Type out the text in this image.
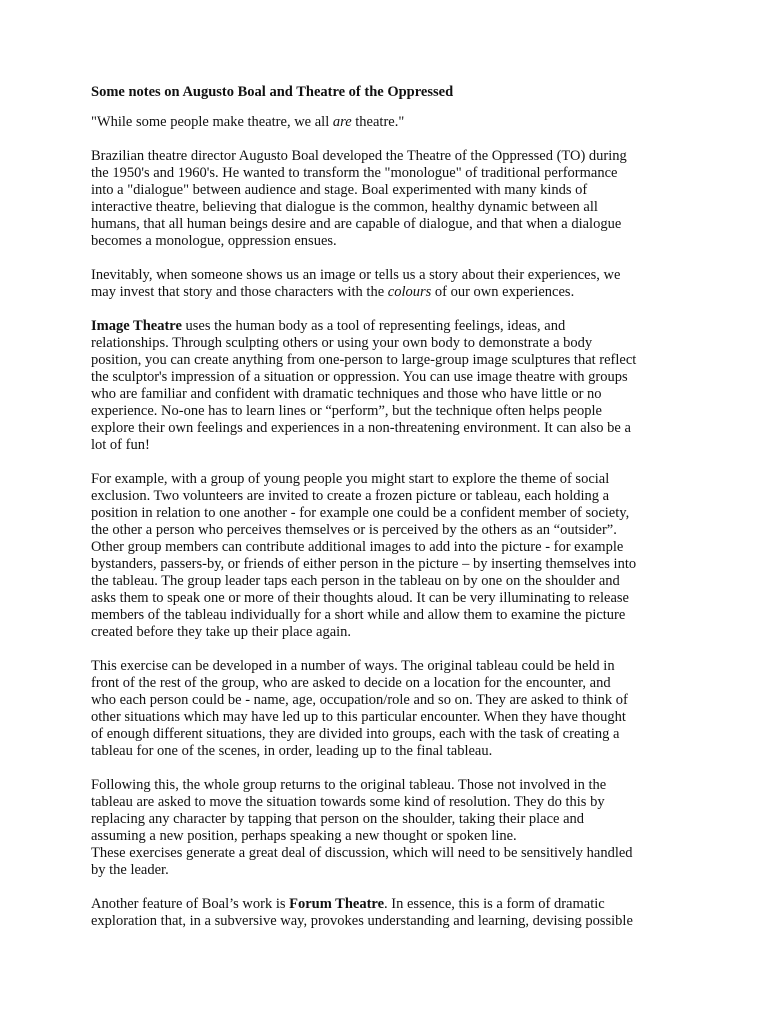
Some notes on Augusto Boal and Theatre of the Oppressed
"While some people make theatre, we all are theatre."
Brazilian theatre director Augusto Boal developed the Theatre of the Oppressed (TO) during
the 1950's and 1960's. He wanted to transform the "monologue" of traditional performance
into a "dialogue" between audience and stage. Boal experimented with many kinds of
interactive theatre, believing that dialogue is the common, healthy dynamic between all
humans, that all human beings desire and are capable of dialogue, and that when a dialogue
becomes a monologue, oppression ensues.
Inevitably, when someone shows us an image or tells us a story about their experiences, we
may invest that story and those characters with the colours of our own experiences.
Image Theatre uses the human body as a tool of representing feelings, ideas, and
relationships. Through sculpting others or using your own body to demonstrate a body
position, you can create anything from one-person to large-group image sculptures that reflect
the sculptor's impression of a situation or oppression. You can use image theatre with groups
who are familiar and confident with dramatic techniques and those who have little or no
experience. No-one has to learn lines or “perform”, but the technique often helps people
explore their own feelings and experiences in a non-threatening environment. It can also be a
lot of fun!
For example, with a group of young people you might start to explore the theme of social
exclusion. Two volunteers are invited to create a frozen picture or tableau, each holding a
position in relation to one another - for example one could be a confident member of society,
the other a person who perceives themselves or is perceived by the others as an “outsider”.
Other group members can contribute additional images to add into the picture - for example
bystanders, passers-by, or friends of either person in the picture – by inserting themselves into
the tableau. The group leader taps each person in the tableau on by one on the shoulder and
asks them to speak one or more of their thoughts aloud. It can be very illuminating to release
members of the tableau individually for a short while and allow them to examine the picture
created before they take up their place again.
This exercise can be developed in a number of ways. The original tableau could be held in
front of the rest of the group, who are asked to decide on a location for the encounter, and
who each person could be - name, age, occupation/role and so on. They are asked to think of
other situations which may have led up to this particular encounter. When they have thought
of enough different situations, they are divided into groups, each with the task of creating a
tableau for one of the scenes, in order, leading up to the final tableau.
Following this, the whole group returns to the original tableau. Those not involved in the
tableau are asked to move the situation towards some kind of resolution. They do this by
replacing any character by tapping that person on the shoulder, taking their place and
assuming a new position, perhaps speaking a new thought or spoken line.
These exercises generate a great deal of discussion, which will need to be sensitively handled
by the leader.
Another feature of Boal’s work is Forum Theatre. In essence, this is a form of dramatic
exploration that, in a subversive way, provokes understanding and learning, devising possible
